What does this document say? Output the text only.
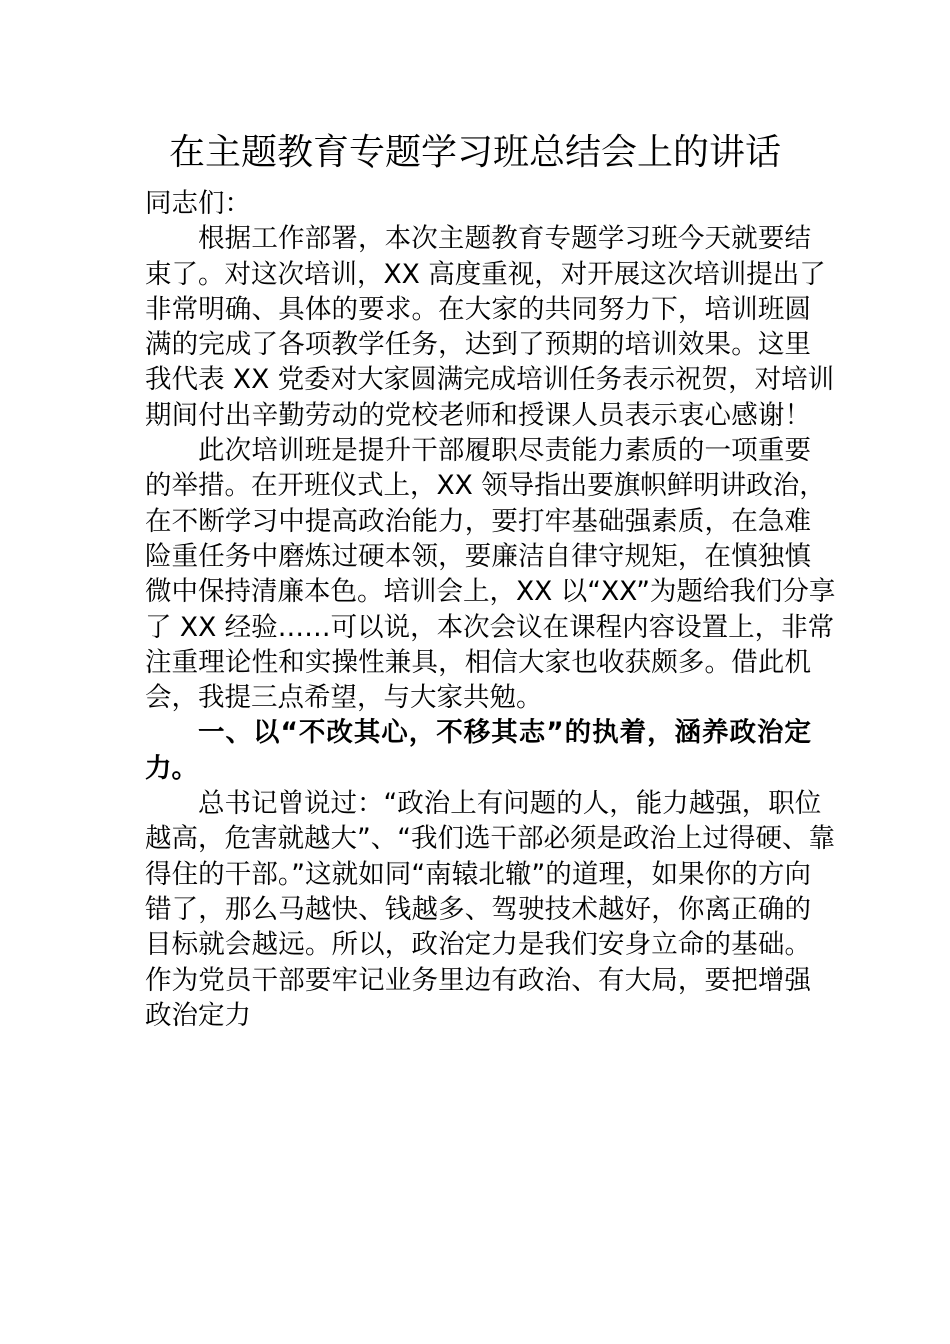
在主题教育专题学习班总结会上的讲话
同志们：
根据工作部署，本次主题教育专题学习班今天就要结
束了。对这次培训，XX 高度重视，对开展这次培训提出了
非常明确、具体的要求。在大家的共同努力下，培训班圆
满的完成了各项教学任务，达到了预期的培训效果。这里
我代表 XX 党委对大家圆满完成培训任务表示祝贺，对培训
期间付出辛勤劳动的党校老师和授课人员表示衷心感谢！
此次培训班是提升干部履职尽责能力素质的一项重要
的举措。在开班仪式上，XX 领导指出要旗帜鲜明讲政治，
在不断学习中提高政治能力，要打牢基础强素质，在急难
险重任务中磨炼过硬本领，要廉洁自律守规矩，在慎独慎
微中保持清廉本色。培训会上，XX 以“XX”为题给我们分享
了 XX 经验……可以说，本次会议在课程内容设置上，非常
注重理论性和实操性兼具，相信大家也收获颇多。借此机
会，我提三点希望，与大家共勉。
一、以“不改其心，不移其志”的执着，涵养政治定
力。
总书记曾说过：“政治上有问题的人，能力越强，职位
越高，危害就越大”、“我们选干部必须是政治上过得硬、靠
得住的干部。”这就如同“南辕北辙”的道理，如果你的方向
错了，那么马越快、钱越多、驾驶技术越好，你离正确的
目标就会越远。所以，政治定力是我们安身立命的基础。
作为党员干部要牢记业务里边有政治、有大局，要把增强
政治定力
